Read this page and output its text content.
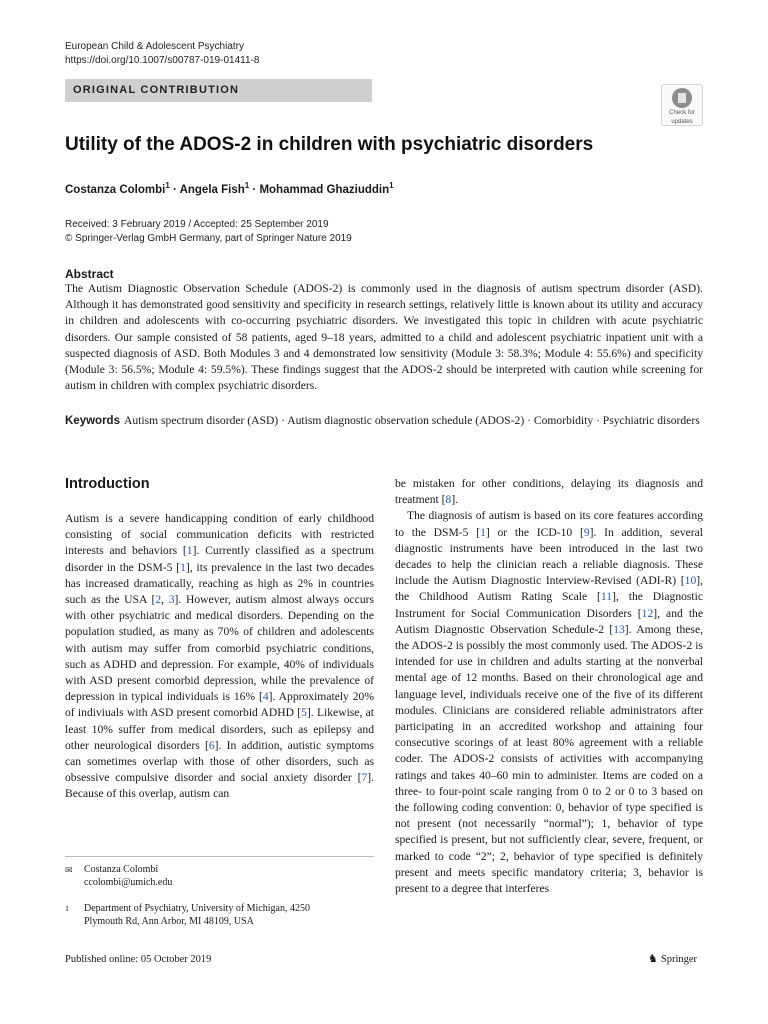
European Child & Adolescent Psychiatry
https://doi.org/10.1007/s00787-019-01411-8
ORIGINAL CONTRIBUTION
Check for
updates
Utility of the ADOS-2 in children with psychiatric disorders
Costanza Colombi$^1$ · Angela Fish$^1$ · Mohammad Ghaziuddin$^1$
Received: 3 February 2019 / Accepted: 25 September 2019
© Springer-Verlag GmbH Germany, part of Springer Nature 2019
Abstract

The Autism Diagnostic Observation Schedule (ADOS-2) is commonly used in the diagnosis of autism spectrum disorder (ASD). Although it has demonstrated good sensitivity and specificity in research settings, relatively little is known about its utility and accuracy in children and adolescents with co-occurring psychiatric disorders. We investigated this topic in children with acute psychiatric disorders. Our sample consisted of 58 patients, aged 9–18 years, admitted to a child and adolescent psychiatric inpatient unit with a suspected diagnosis of ASD. Both Modules 3 and 4 demonstrated low sensitivity (Module 3: 58.3%; Module 4: 55.6%) and specificity (Module 3: 56.5%; Module 4: 59.5%). These findings suggest that the ADOS-2 should be interpreted with caution while screening for autism in children with complex psychiatric disorders.

Keywords Autism spectrum disorder (ASD) · Autism diagnostic observation schedule (ADOS-2) · Comorbidity · Psychiatric disorders

Introduction

Autism is a severe handicapping condition of early childhood consisting of social communication deficits with restricted interests and behaviors [1]. Currently classified as a spectrum disorder in the DSM-5 [1], its prevalence in the last two decades has increased dramatically, reaching as high as 2% in countries such as the USA [2, 3]. However, autism almost always occurs with other psychiatric and medical disorders. Depending on the population studied, as many as 70% of children and adolescents with autism may suffer from comorbid psychiatric conditions, such as ADHD and depression. For example, 40% of individuals with ASD present comorbid depression, while the prevalence of depression in typical individuals is 16% [4]. Approximately 20% of indiviuals with ASD present comorbid ADHD [5]. Likewise, at least 10% suffer from medical disorders, such as epilepsy and other neurological disorders [6]. In addition, autistic symptoms can sometimes overlap with those of other disorders, such as obsessive compulsive disorder and social anxiety disorder [7]. Because of this overlap, autism can

be mistaken for other conditions, delaying its diagnosis and treatment [8].

The diagnosis of autism is based on its core features according to the DSM-5 [1] or the ICD-10 [9]. In addition, several diagnostic instruments have been introduced in the last two decades to help the clinician reach a reliable diagnosis. These include the Autism Diagnostic Interview-Revised (ADI-R) [10], the Childhood Autism Rating Scale [11], the Diagnostic Instrument for Social Communication Disorders [12], and the Autism Diagnostic Observation Schedule-2 [13]. Among these, the ADOS-2 is possibly the most commonly used. The ADOS-2 is intended for use in children and adults starting at the nonverbal mental age of 12 months. Based on their chronological age and language level, individuals receive one of the five of its different modules. Clinicians are considered reliable administrators after participating in an accredited workshop and attaining four consecutive scorings of at least 80% agreement with a reliable coder. The ADOS-2 consists of activities with accompanying ratings and takes 40–60 min to administer. Items are coded on a three- to four-point scale ranging from 0 to 2 or 0 to 3 based on the following coding convention: 0, behavior of type specified is not present (not necessarily “normal”); 1, behavior of type specified is present, but not sufficiently clear, severe, frequent, or marked to code “2”; 2, behavior of type specified is definitely present and meets specific mandatory criteria; 3, behavior is present to a degree that interferes

✉ Costanza Colombi
ccolombi@umich.edu
1 Department of Psychiatry, University of Michigan, 4250
Plymouth Rd, Ann Arbor, MI 48109, USA
Published online: 05 October 2019	♞ Springer
